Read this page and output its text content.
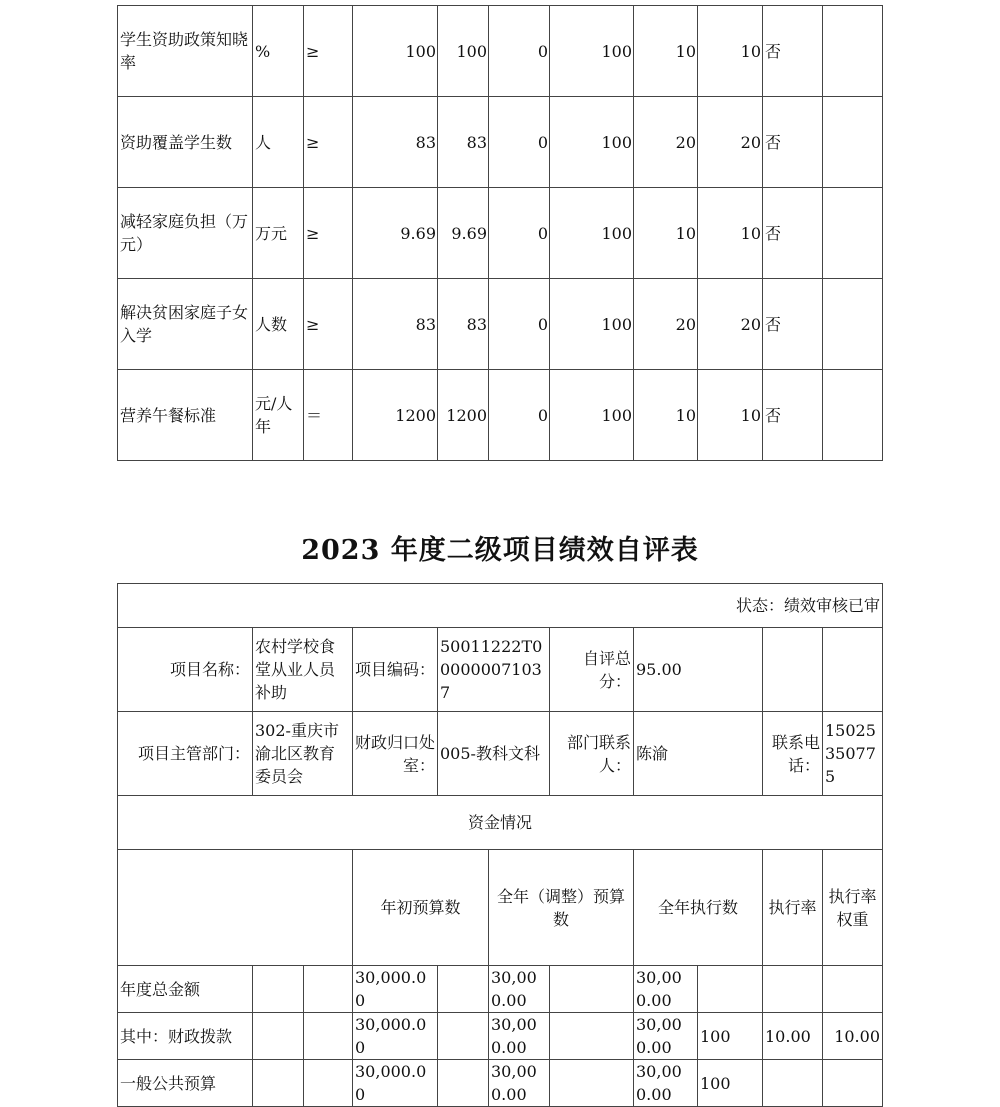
学生资助政策知晓率	%	≥	100	100	0	100	10	10	否	
资助覆盖学生数	人	≥	83	83	0	100	20	20	否	
减轻家庭负担（万元）	万元	≥	9.69	9.69	0	100	10	10	否	
解决贫困家庭子女入学	人数	≥	83	83	0	100	20	20	否	
营养午餐标准	元/人年	＝	1200	1200	0	100	10	10	否	
2023 年度二级项目绩效自评表
状态：绩效审核已审											
项目名称：	农村学校食堂从业人员补助		项目编码：	50011222T000000071037		自评总分：	95.00				
项目主管部门：	302-重庆市渝北区教育委员会		财政归口处室：	005-教科文科		部门联系人：	陈渝		联系电话：	15025350775	
资金情况											
			年初预算数		全年（调整）预算数		全年执行数		执行率	执行率权重	
年度总金额			30,000.00		30,000.00		30,000.00				
其中：财政拨款			30,000.00		30,000.00		30,000.00	100	10.00	10.00	
一般公共预算			30,000.00		30,000.00		30,000.00	100			
